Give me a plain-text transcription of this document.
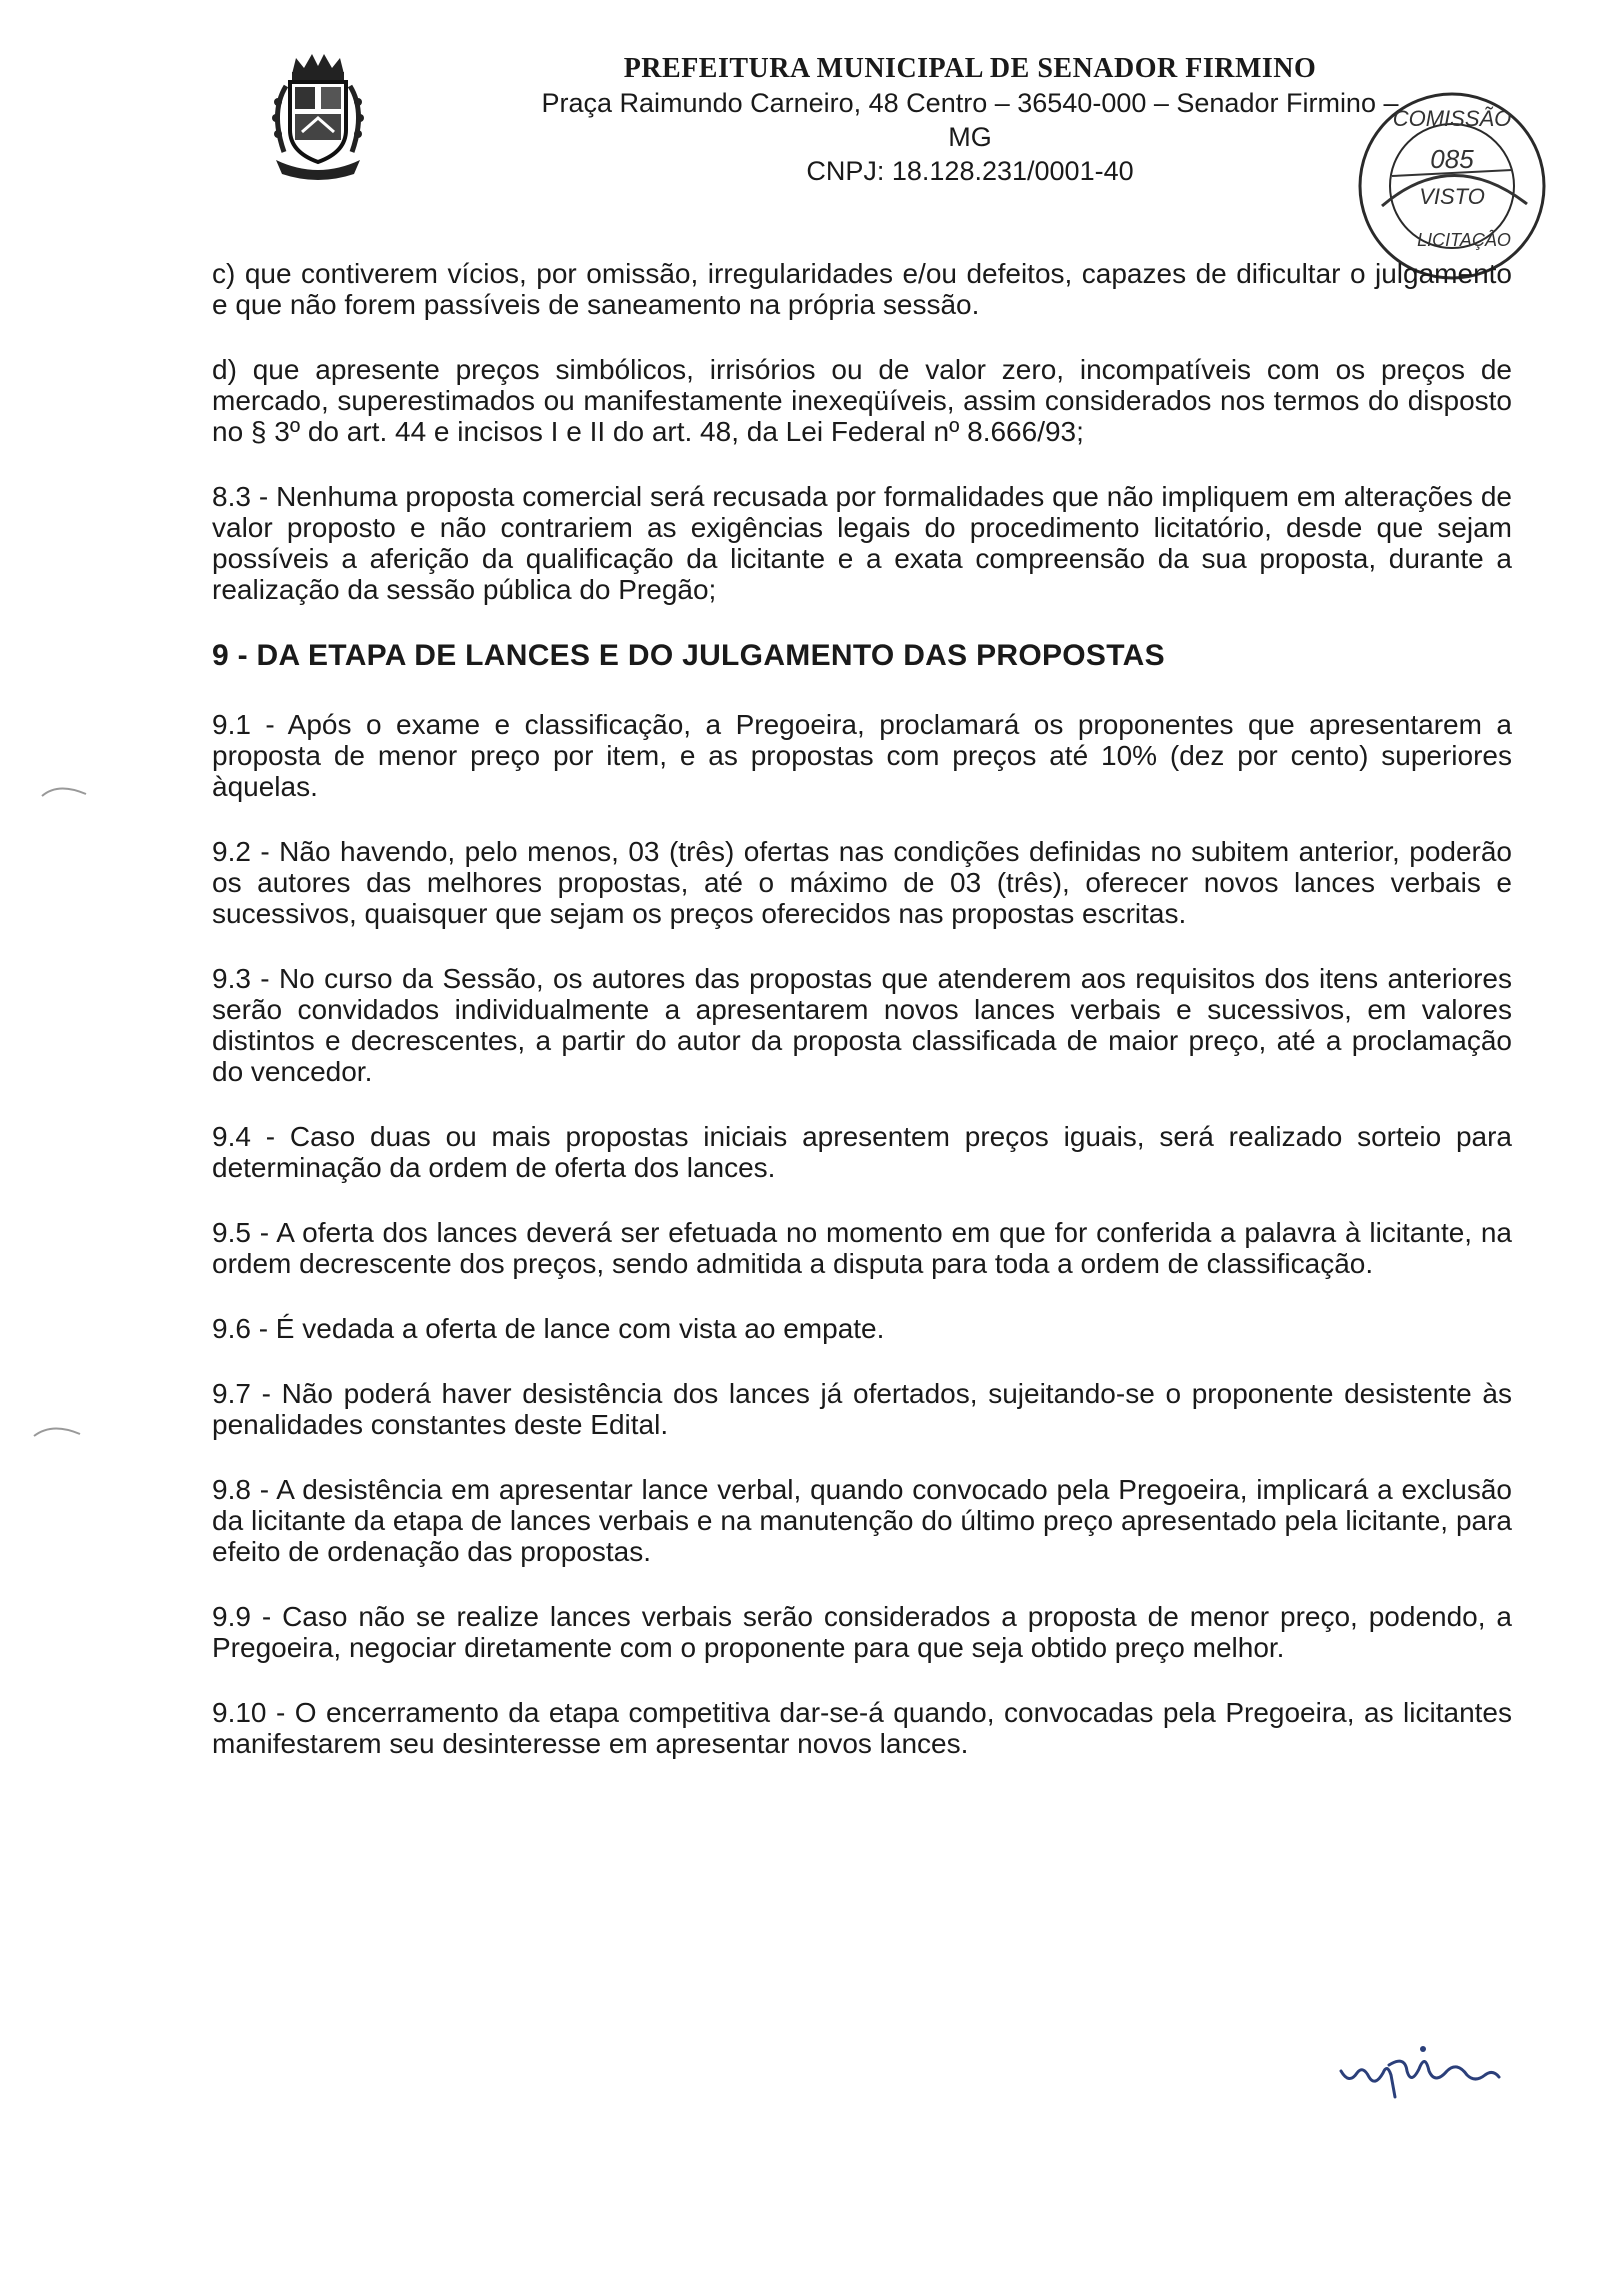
PREFEITURA MUNICIPAL DE SENADOR FIRMINO

Praça Raimundo Carneiro, 48 Centro – 36540-000 – Senador Firmino – MG

CNPJ: 18.128.231/0001-40

COMISSÃO
085
VISTO
LICITAÇÃO

c) que contiverem vícios, por omissão, irregularidades e/ou defeitos, capazes de dificultar o julgamento e que não forem passíveis de saneamento na própria sessão.

d) que apresente preços simbólicos, irrisórios ou de valor zero, incompatíveis com os preços de mercado, superestimados ou manifestamente inexeqüíveis, assim considerados nos termos do disposto no § 3º do art. 44 e incisos I e II do art. 48, da Lei Federal nº 8.666/93;

8.3 - Nenhuma proposta comercial será recusada por formalidades que não impliquem em alterações de valor proposto e não contrariem as exigências legais do procedimento licitatório, desde que sejam possíveis a aferição da qualificação da licitante e a exata compreensão da sua proposta, durante a realização da sessão pública do Pregão;

9 - DA ETAPA DE LANCES E DO JULGAMENTO DAS PROPOSTAS

9.1 - Após o exame e classificação, a Pregoeira, proclamará os proponentes que apresentarem a proposta de menor preço por item, e as propostas com preços até 10% (dez por cento) superiores àquelas.

9.2 - Não havendo, pelo menos, 03 (três) ofertas nas condições definidas no subitem anterior, poderão os autores das melhores propostas, até o máximo de 03 (três), oferecer novos lances verbais e sucessivos, quaisquer que sejam os preços oferecidos nas propostas escritas.

9.3 - No curso da Sessão, os autores das propostas que atenderem aos requisitos dos itens anteriores serão convidados individualmente a apresentarem novos lances verbais e sucessivos, em valores distintos e decrescentes, a partir do autor da proposta classificada de maior preço, até a proclamação do vencedor.

9.4 - Caso duas ou mais propostas iniciais apresentem preços iguais, será realizado sorteio para determinação da ordem de oferta dos lances.

9.5 - A oferta dos lances deverá ser efetuada no momento em que for conferida a palavra à licitante, na ordem decrescente dos preços, sendo admitida a disputa para toda a ordem de classificação.

9.6 - É vedada a oferta de lance com vista ao empate.

9.7 - Não poderá haver desistência dos lances já ofertados, sujeitando-se o proponente desistente às penalidades constantes deste Edital.

9.8 - A desistência em apresentar lance verbal, quando convocado pela Pregoeira, implicará a exclusão da licitante da etapa de lances verbais e na manutenção do último preço apresentado pela licitante, para efeito de ordenação das propostas.

9.9 - Caso não se realize lances verbais serão considerados a proposta de menor preço, podendo, a Pregoeira, negociar diretamente com o proponente para que seja obtido preço melhor.

9.10 - O encerramento da etapa competitiva dar-se-á quando, convocadas pela Pregoeira, as licitantes manifestarem seu desinteresse em apresentar novos lances.
